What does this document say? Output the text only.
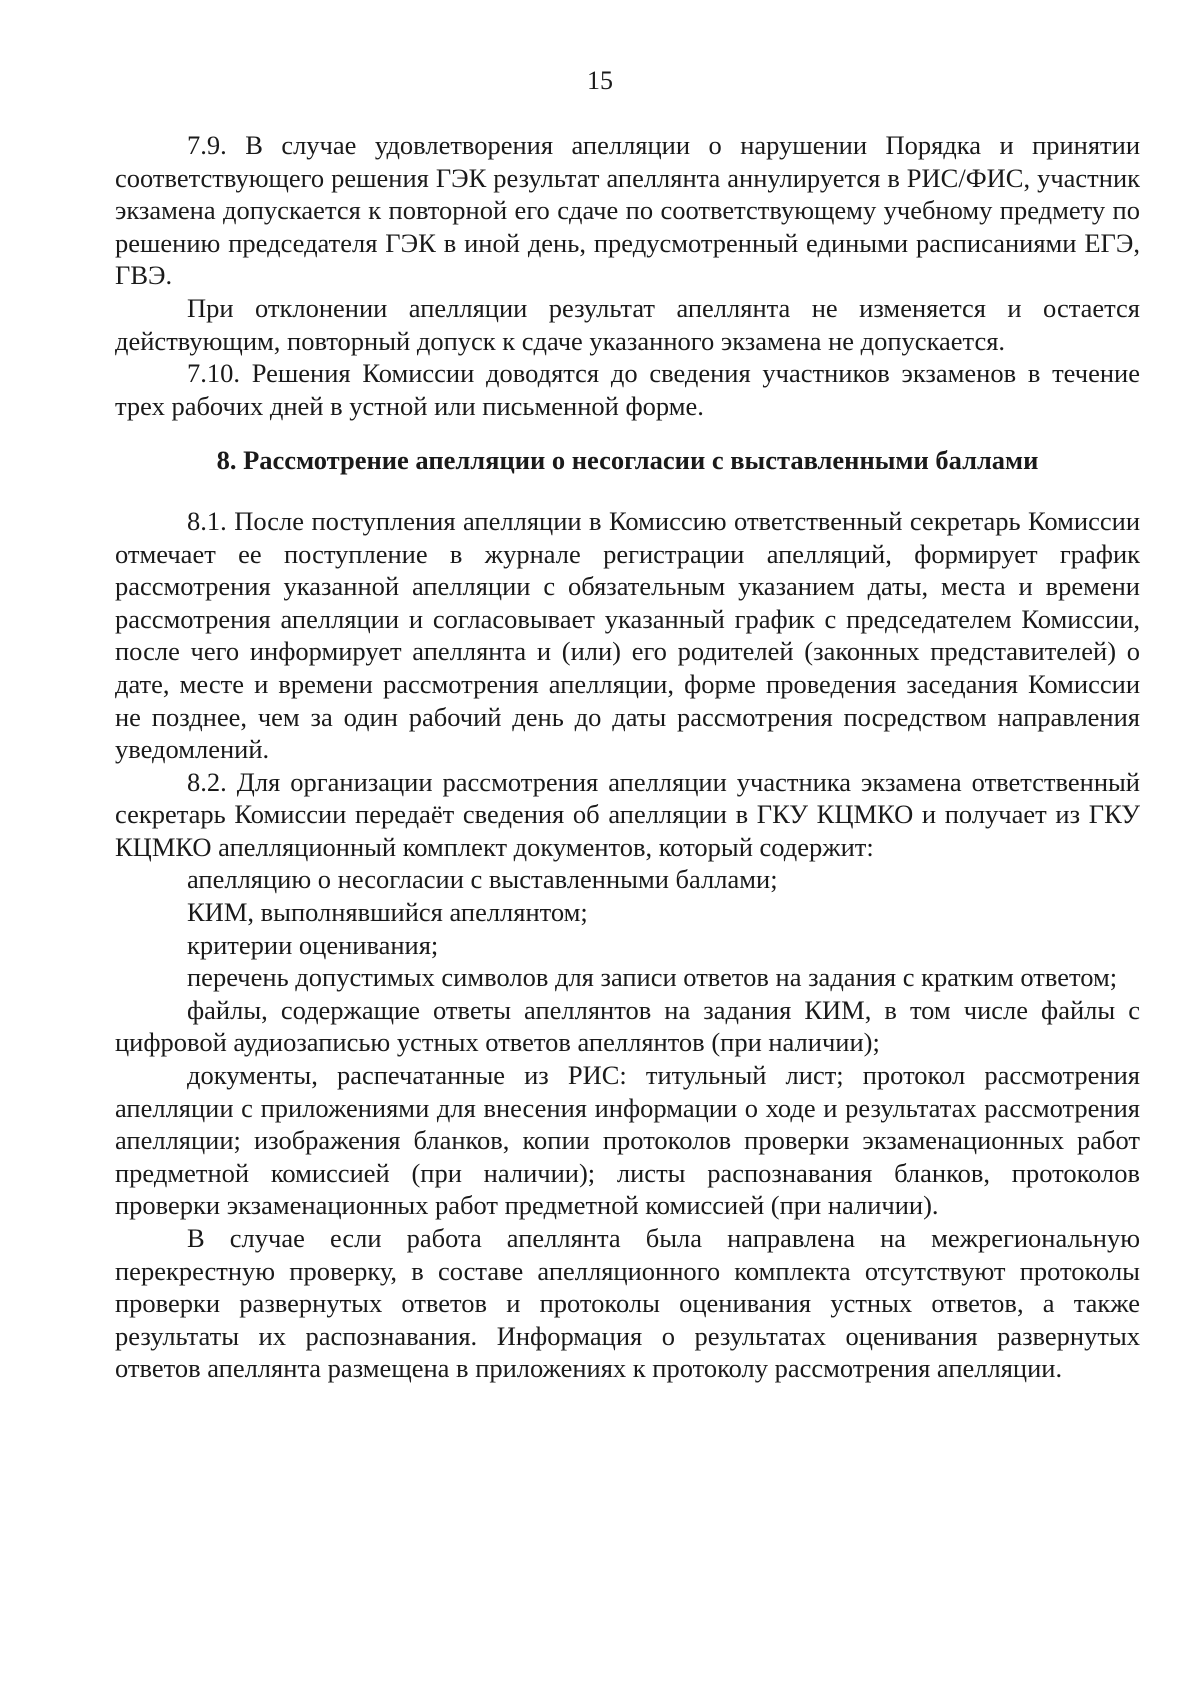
15

7.9. В случае удовлетворения апелляции о нарушении Порядка и принятии соответствующего решения ГЭК результат апеллянта аннулируется в РИС/ФИС, участник экзамена допускается к повторной его сдаче по соответствующему учебному предмету по решению председателя ГЭК в иной день, предусмотренный едиными расписаниями ЕГЭ, ГВЭ.

При отклонении апелляции результат апеллянта не изменяется и остается действующим, повторный допуск к сдаче указанного экзамена не допускается.

7.10. Решения Комиссии доводятся до сведения участников экзаменов в течение трех рабочих дней в устной или письменной форме.

8. Рассмотрение апелляции о несогласии с выставленными баллами

8.1. После поступления апелляции в Комиссию ответственный секретарь Комиссии отмечает ее поступление в журнале регистрации апелляций, формирует график рассмотрения указанной апелляции с обязательным указанием даты, места и времени рассмотрения апелляции и согласовывает указанный график с председателем Комиссии, после чего информирует апеллянта и (или) его родителей (законных представителей) о дате, месте и времени рассмотрения апелляции, форме проведения заседания Комиссии не позднее, чем за один рабочий день до даты рассмотрения посредством направления уведомлений.

8.2. Для организации рассмотрения апелляции участника экзамена ответственный секретарь Комиссии передаёт сведения об апелляции в ГКУ КЦМКО и получает из ГКУ КЦМКО апелляционный комплект документов, который содержит:

апелляцию о несогласии с выставленными баллами;

КИМ, выполнявшийся апеллянтом;

критерии оценивания;

перечень допустимых символов для записи ответов на задания с кратким ответом;

файлы, содержащие ответы апеллянтов на задания КИМ, в том числе файлы с цифровой аудиозаписью устных ответов апеллянтов (при наличии);

документы, распечатанные из РИС: титульный лист; протокол рассмотрения апелляции с приложениями для внесения информации о ходе и результатах рассмотрения апелляции; изображения бланков, копии протоколов проверки экзаменационных работ предметной комиссией (при наличии); листы распознавания бланков, протоколов проверки экзаменационных работ предметной комиссией (при наличии).

В случае если работа апеллянта была направлена на межрегиональную перекрестную проверку, в составе апелляционного комплекта отсутствуют протоколы проверки развернутых ответов и протоколы оценивания устных ответов, а также результаты их распознавания. Информация о результатах оценивания развернутых ответов апеллянта размещена в приложениях к протоколу рассмотрения апелляции.
